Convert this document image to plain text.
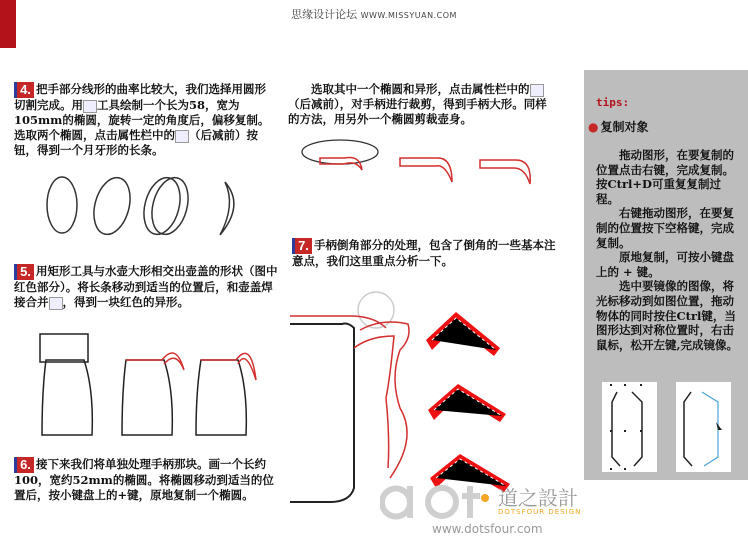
思缘设计论坛 WWW.MISSYUAN.COM
4. 把手部分线形的曲率比较大，我们选择用圆形切割完成。用 工具绘制一个长为58，宽为105mm的椭圆，旋转一定的角度后，偏移复制。选取两个椭圆，点击属性栏中的 （后减前）按钮，得到一个月牙形的长条。
5. 用矩形工具与水壶大形相交出壶盖的形状（图中红色部分）。将长条移动到适当的位置后，和壶盖焊接合并 ，得到一块红色的异形。
6. 接下来我们将单独处理手柄那块。画一个长约100，宽约52mm的椭圆。将椭圆移动到适当的位置后，按小键盘上的+键，原地复制一个椭圆。
选取其中一个椭圆和异形，点击属性栏中的（后减前），对手柄进行裁剪，得到手柄大形。同样的方法，用另外一个椭圆剪裁壶身。
7. 手柄倒角部分的处理，包含了倒角的一些基本注意点，我们这里重点分析一下。
tips:
● 复制对象

拖动图形，在要复制的位置点击右键，完成复制。按Ctrl+D可重复复制过程。

右键拖动图形，在要复制的位置按下空格键，完成复制。

原地复制，可按小键盘上的 + 键。

选中要镜像的图像，将光标移动到如图位置，拖动物体的同时按住Ctrl键，当图形达到对称位置时，右击鼠标，松开左键,完成镜像。

道之設計
DOTSFOUR DESIGN
www.dotsfour.com
